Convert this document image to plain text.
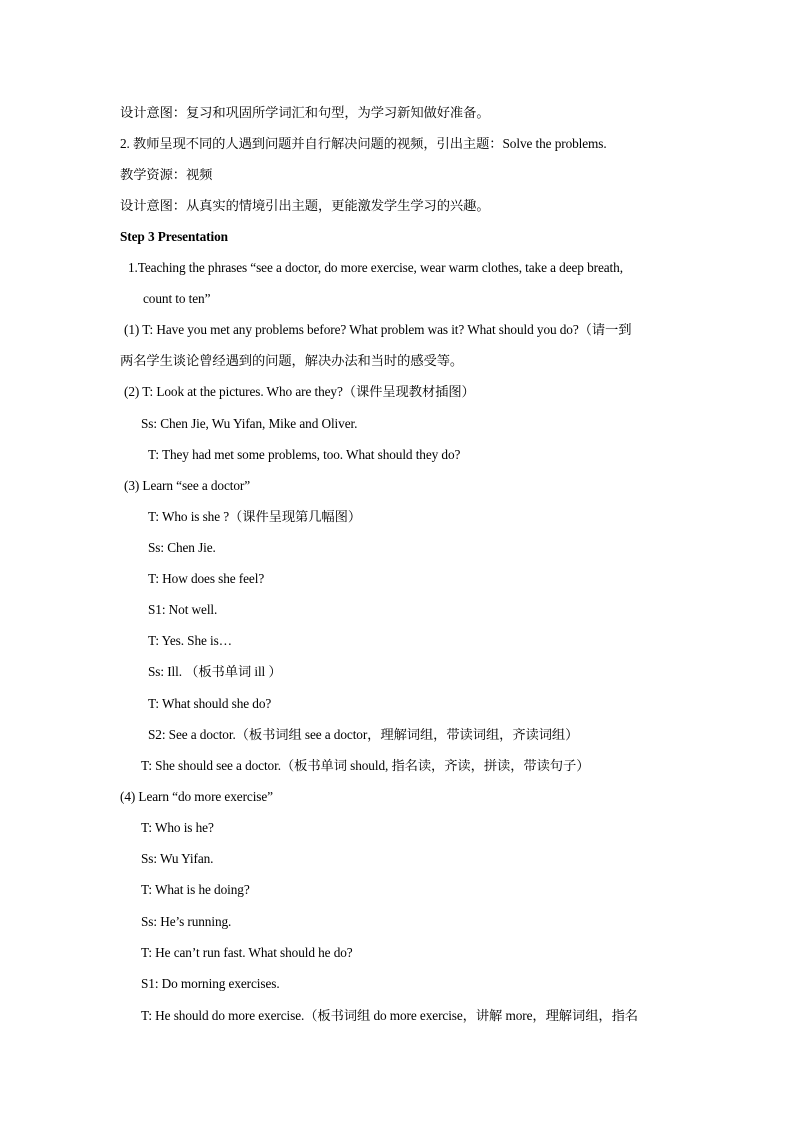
设计意图：复习和巩固所学词汇和句型，为学习新知做好准备。
2. 教师呈现不同的人遇到问题并自行解决问题的视频，引出主题：Solve the problems.
教学资源：视频
设计意图：从真实的情境引出主题，更能激发学生学习的兴趣。
Step 3 Presentation
1.Teaching the phrases “see a doctor, do more exercise, wear warm clothes, take a deep breath,
count to ten”
(1) T: Have you met any problems before? What problem was it? What should you do?（请一到
两名学生谈论曾经遇到的问题，解决办法和当时的感受等。
(2) T: Look at the pictures. Who are they?（课件呈现教材插图）
Ss: Chen Jie, Wu Yifan, Mike and Oliver.
T: They had met some problems, too. What should they do?
(3) Learn “see a doctor”
T: Who is she ?（课件呈现第几幅图）
Ss: Chen Jie.
T: How does she feel?
S1: Not well.
T: Yes. She is…
Ss: Ill. （板书单词 ill ）
T: What should she do?
S2: See a doctor.（板书词组 see a doctor，理解词组，带读词组，齐读词组）
T: She should see a doctor.（板书单词 should, 指名读，齐读，拼读，带读句子）
(4) Learn “do more exercise”
T: Who is he?
Ss: Wu Yifan.
T: What is he doing?
Ss: He’s running.
T: He can’t run fast. What should he do?
S1: Do morning exercises.
T: He should do more exercise.（板书词组 do more exercise，讲解 more，理解词组，指名
